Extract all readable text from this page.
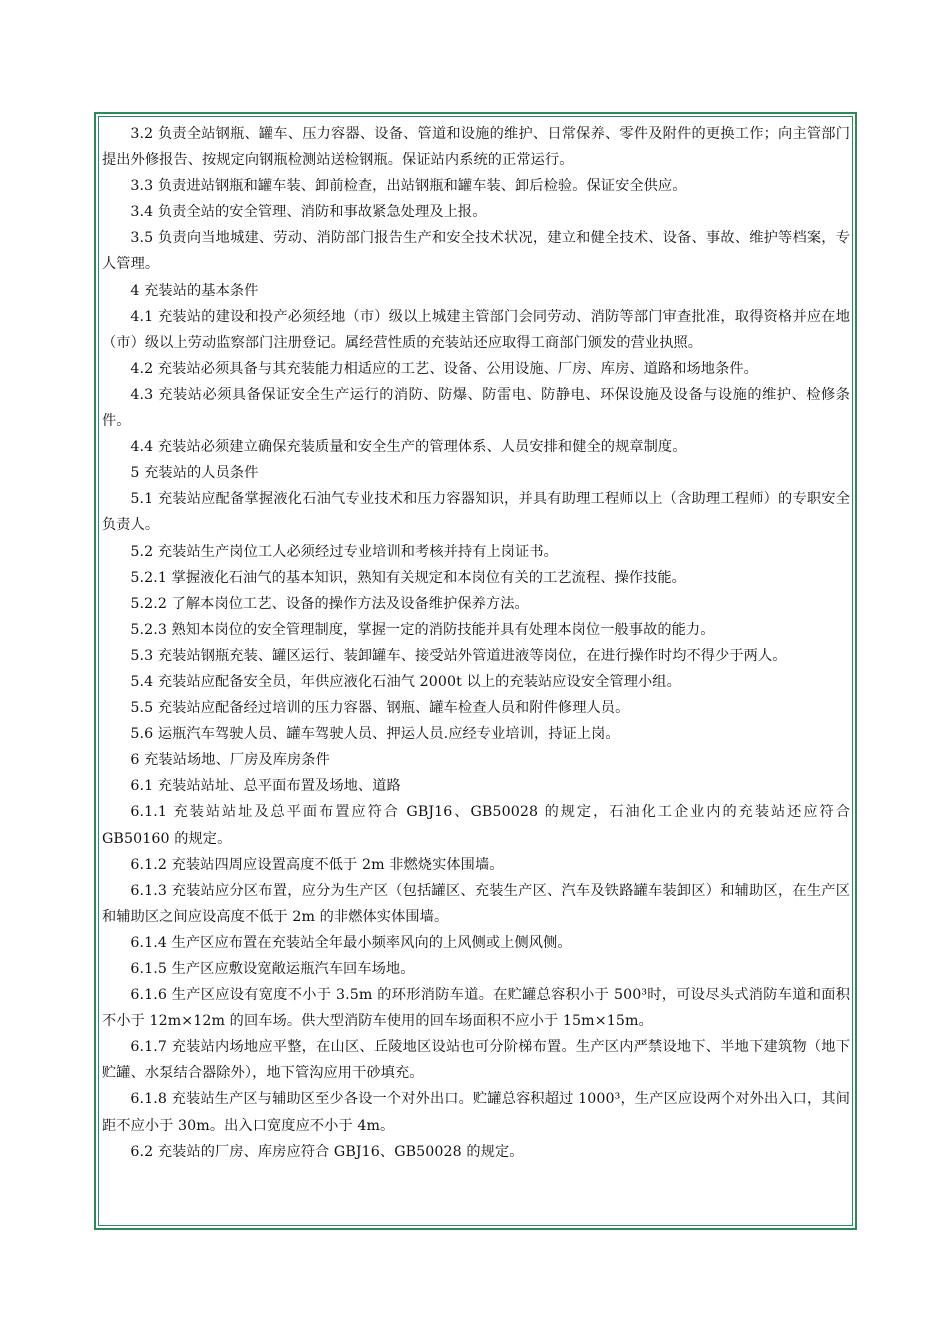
3.2 负责全站钢瓶、罐车、压力容器、设备、管道和设施的维护、日常保养、零件及附件的更换工作；向主管部门提出外修报告、按规定向钢瓶检测站送检钢瓶。保证站内系统的正常运行。

3.3 负责进站钢瓶和罐车装、卸前检查，出站钢瓶和罐车装、卸后检验。保证安全供应。

3.4 负责全站的安全管理、消防和事故紧急处理及上报。

3.5 负责向当地城建、劳动、消防部门报告生产和安全技术状况，建立和健全技术、设备、事故、维护等档案，专人管理。

4 充装站的基本条件

4.1 充装站的建设和投产必须经地（市）级以上城建主管部门会同劳动、消防等部门审查批准，取得资格并应在地（市）级以上劳动监察部门注册登记。属经营性质的充装站还应取得工商部门颁发的营业执照。

4.2 充装站必须具备与其充装能力相适应的工艺、设备、公用设施、厂房、库房、道路和场地条件。

4.3 充装站必须具备保证安全生产运行的消防、防爆、防雷电、防静电、环保设施及设备与设施的维护、检修条件。

4.4 充装站必须建立确保充装质量和安全生产的管理体系、人员安排和健全的规章制度。

5 充装站的人员条件

5.1 充装站应配备掌握液化石油气专业技术和压力容器知识，并具有助理工程师以上（含助理工程师）的专职安全负责人。

5.2 充装站生产岗位工人必须经过专业培训和考核并持有上岗证书。

5.2.1 掌握液化石油气的基本知识，熟知有关规定和本岗位有关的工艺流程、操作技能。

5.2.2 了解本岗位工艺、设备的操作方法及设备维护保养方法。

5.2.3 熟知本岗位的安全管理制度，掌握一定的消防技能并具有处理本岗位一般事故的能力。

5.3 充装站钢瓶充装、罐区运行、装卸罐车、接受站外管道进液等岗位，在进行操作时均不得少于两人。

5.4 充装站应配备安全员，年供应液化石油气 2000t 以上的充装站应设安全管理小组。

5.5 充装站应配备经过培训的压力容器、钢瓶、罐车检查人员和附件修理人员。

5.6 运瓶汽车驾驶人员、罐车驾驶人员、押运人员.应经专业培训，持证上岗。

6 充装站场地、厂房及库房条件

6.1 充装站站址、总平面布置及场地、道路

6.1.1 充装站站址及总平面布置应符合 GBJ16、GB50028 的规定，石油化工企业内的充装站还应符合 GB50160 的规定。

6.1.2 充装站四周应设置高度不低于 2m 非燃烧实体围墙。

6.1.3 充装站应分区布置，应分为生产区（包括罐区、充装生产区、汽车及铁路罐车装卸区）和辅助区，在生产区和辅助区之间应设高度不低于 2m 的非燃体实体围墙。

6.1.4 生产区应布置在充装站全年最小频率风向的上风侧或上侧风侧。

6.1.5 生产区应敷设宽敞运瓶汽车回车场地。

6.1.6 生产区应设有宽度不小于 3.5m 的环形消防车道。在贮罐总容积小于 500³时，可设尽头式消防车道和面积不小于 12m×12m 的回车场。供大型消防车使用的回车场面积不应小于 15m×15m。

6.1.7 充装站内场地应平整，在山区、丘陵地区设站也可分阶梯布置。生产区内严禁设地下、半地下建筑物（地下贮罐、水泵结合器除外），地下管沟应用干砂填充。

6.1.8 充装站生产区与辅助区至少各设一个对外出口。贮罐总容积超过 1000³，生产区应设两个对外出入口，其间距不应小于 30m。出入口宽度应不小于 4m。

6.2 充装站的厂房、库房应符合 GBJ16、GB50028 的规定。
